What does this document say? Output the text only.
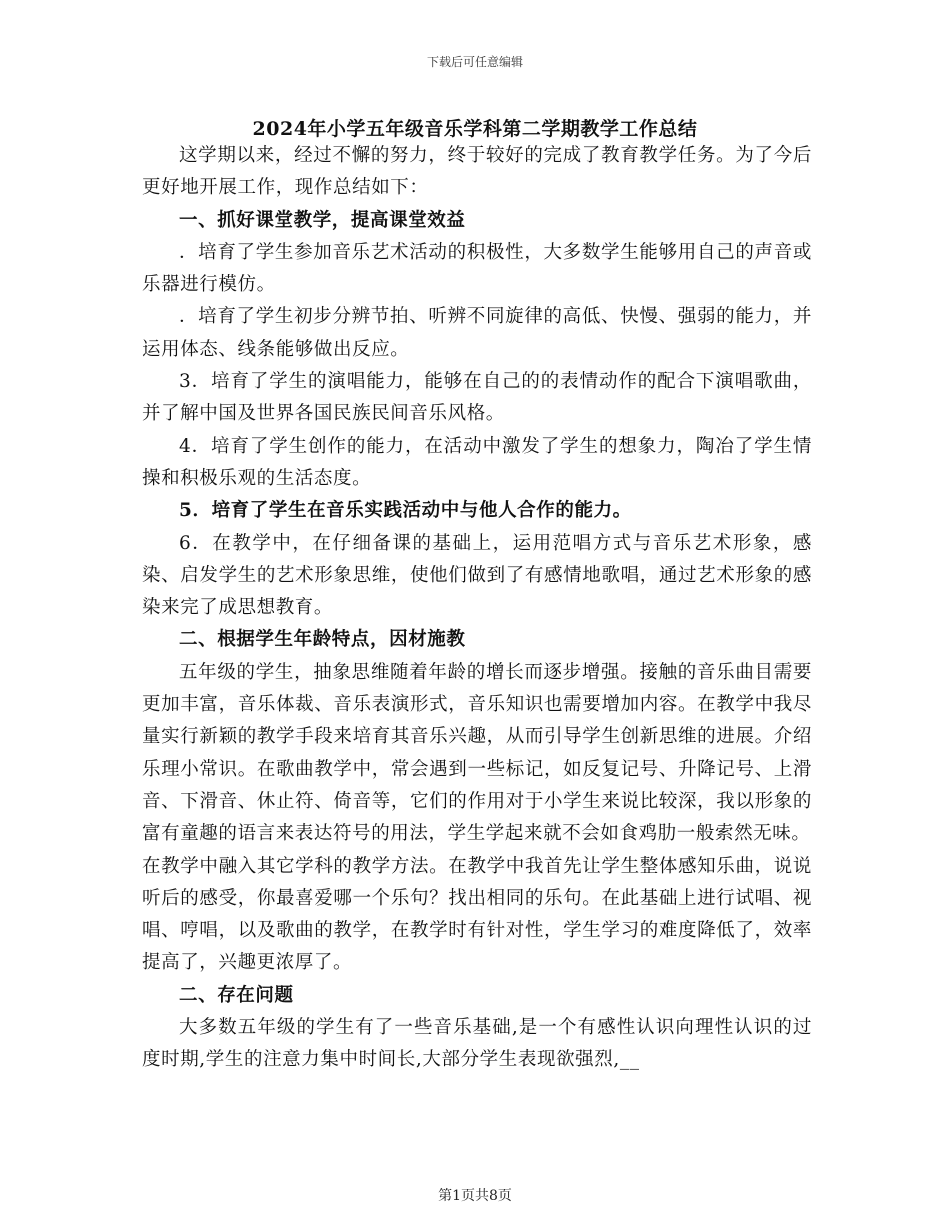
下载后可任意编辑
2024年小学五年级音乐学科第二学期教学工作总结

这学期以来，经过不懈的努力，终于较好的完成了教育教学任务。为了今后更好地开展工作，现作总结如下：

一、抓好课堂教学，提高课堂效益

．培育了学生参加音乐艺术活动的积极性，大多数学生能够用自己的声音或乐器进行模仿。

．培育了学生初步分辨节拍、听辨不同旋律的高低、快慢、强弱的能力，并运用体态、线条能够做出反应。

3．培育了学生的演唱能力，能够在自己的的表情动作的配合下演唱歌曲，并了解中国及世界各国民族民间音乐风格。

4．培育了学生创作的能力，在活动中激发了学生的想象力，陶冶了学生情操和积极乐观的生活态度。

5．培育了学生在音乐实践活动中与他人合作的能力。

6．在教学中，在仔细备课的基础上，运用范唱方式与音乐艺术形象，感染、启发学生的艺术形象思维，使他们做到了有感情地歌唱，通过艺术形象的感染来完了成思想教育。

二、根据学生年龄特点，因材施教

五年级的学生，抽象思维随着年龄的增长而逐步增强。接触的音乐曲目需要更加丰富，音乐体裁、音乐表演形式，音乐知识也需要增加内容。在教学中我尽量实行新颖的教学手段来培育其音乐兴趣，从而引导学生创新思维的进展。介绍乐理小常识。在歌曲教学中，常会遇到一些标记，如反复记号、升降记号、上滑音、下滑音、休止符、倚音等，它们的作用对于小学生来说比较深，我以形象的富有童趣的语言来表达符号的用法，学生学起来就不会如食鸡肋一般索然无味。

在教学中融入其它学科的教学方法。在教学中我首先让学生整体感知乐曲，说说听后的感受，你最喜爱哪一个乐句？找出相同的乐句。在此基础上进行试唱、视唱、哼唱，以及歌曲的教学，在教学时有针对性，学生学习的难度降低了，效率提高了，兴趣更浓厚了。

二、存在问题

大多数五年级的学生有了一些音乐基础,是一个有感性认识向理性认识的过度时期,学生的注意力集中时间长,大部分学生表现欲强烈,__

第1页共8页
